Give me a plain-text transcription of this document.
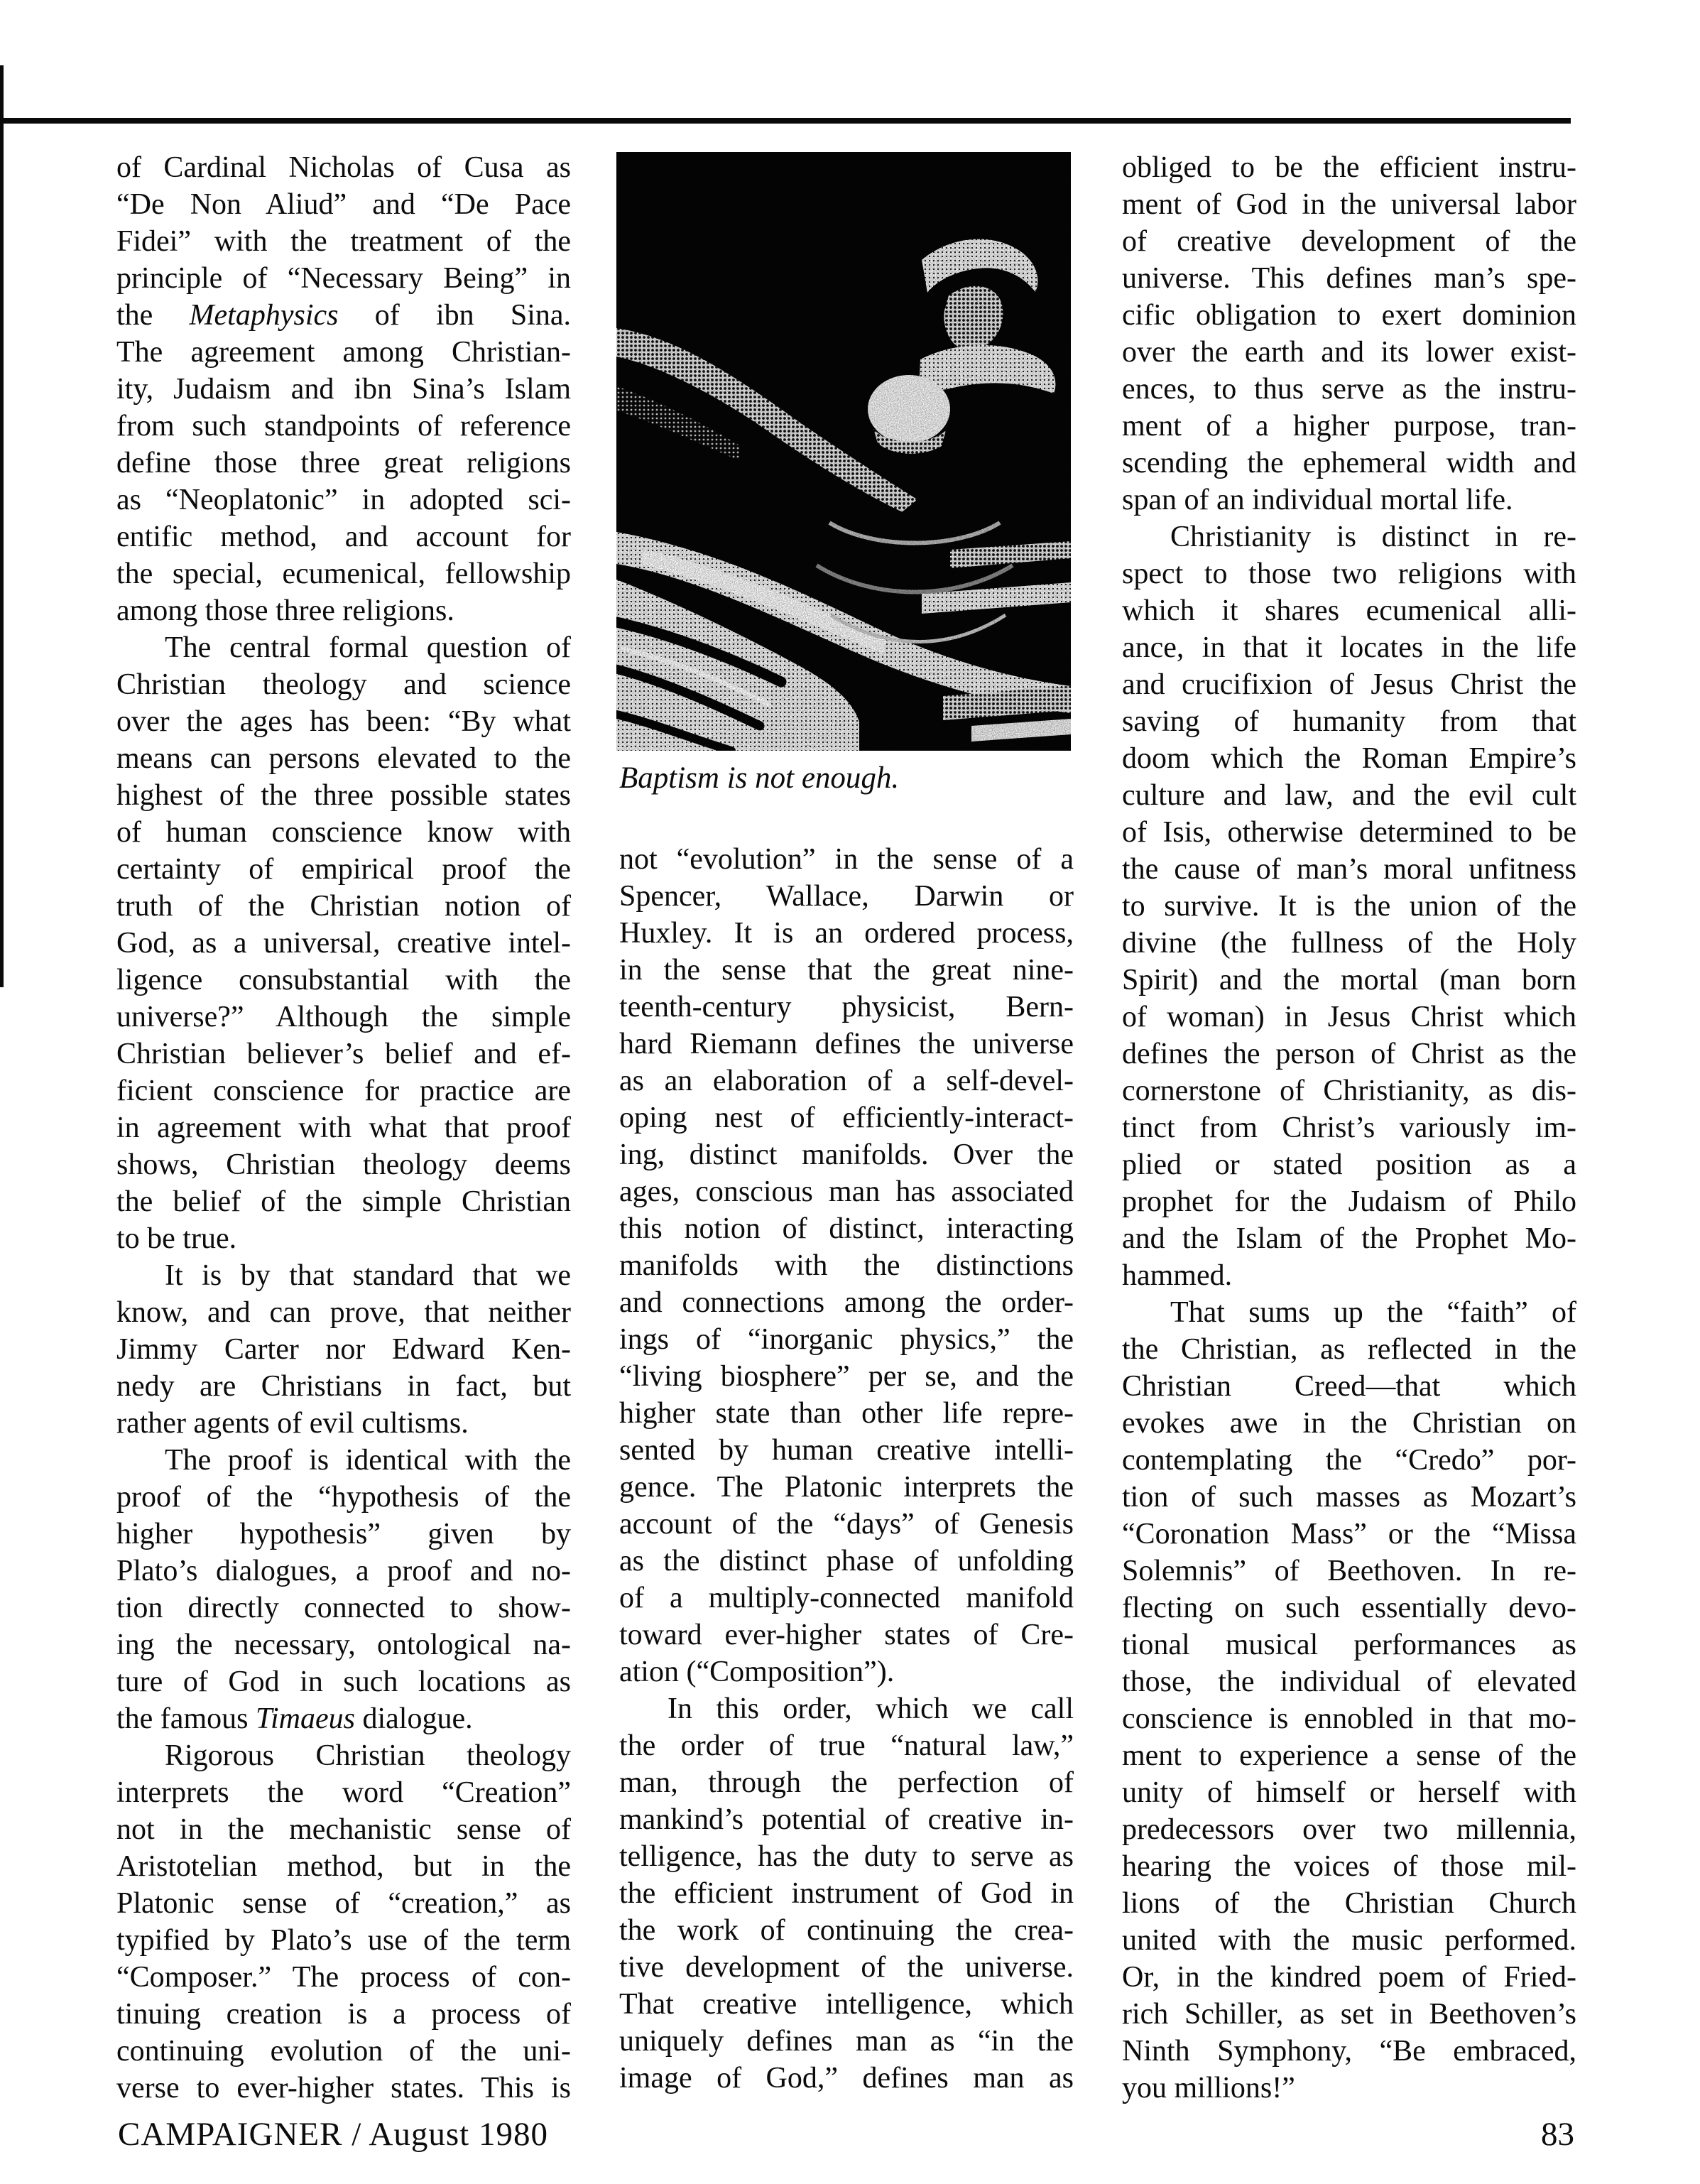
of Cardinal Nicholas of Cusa as
“De Non Aliud” and “De Pace
Fidei” with the treatment of the
principle of “Necessary Being” in
the Metaphysics of ibn Sina.
The agreement among Christian-
ity, Judaism and ibn Sina’s Islam
from such standpoints of reference
define those three great religions
as “Neoplatonic” in adopted sci-
entific method, and account for
the special, ecumenical, fellowship
among those three religions.
The central formal question of
Christian theology and science
over the ages has been: “By what
means can persons elevated to the
highest of the three possible states
of human conscience know with
certainty of empirical proof the
truth of the Christian notion of
God, as a universal, creative intel-
ligence consubstantial with the
universe?” Although the simple
Christian believer’s belief and ef-
ficient conscience for practice are
in agreement with what that proof
shows, Christian theology deems
the belief of the simple Christian
to be true.
It is by that standard that we
know, and can prove, that neither
Jimmy Carter nor Edward Ken-
nedy are Christians in fact, but
rather agents of evil cultisms.
The proof is identical with the
proof of the “hypothesis of the
higher hypothesis” given by
Plato’s dialogues, a proof and no-
tion directly connected to show-
ing the necessary, ontological na-
ture of God in such locations as
the famous Timaeus dialogue.
Rigorous Christian theology
interprets the word “Creation”
not in the mechanistic sense of
Aristotelian method, but in the
Platonic sense of “creation,” as
typified by Plato’s use of the term
“Composer.” The process of con-
tinuing creation is a process of
continuing evolution of the uni-
verse to ever-higher states. This is
Baptism is not enough.
not “evolution” in the sense of a
Spencer, Wallace, Darwin or
Huxley. It is an ordered process,
in the sense that the great nine-
teenth-century physicist, Bern-
hard Riemann defines the universe
as an elaboration of a self-devel-
oping nest of efficiently-interact-
ing, distinct manifolds. Over the
ages, conscious man has associated
this notion of distinct, interacting
manifolds with the distinctions
and connections among the order-
ings of “inorganic physics,” the
“living biosphere” per se, and the
higher state than other life repre-
sented by human creative intelli-
gence. The Platonic interprets the
account of the “days” of Genesis
as the distinct phase of unfolding
of a multiply-connected manifold
toward ever-higher states of Cre-
ation (“Composition”).
In this order, which we call
the order of true “natural law,”
man, through the perfection of
mankind’s potential of creative in-
telligence, has the duty to serve as
the efficient instrument of God in
the work of continuing the crea-
tive development of the universe.
That creative intelligence, which
uniquely defines man as “in the
image of God,” defines man as
obliged to be the efficient instru-
ment of God in the universal labor
of creative development of the
universe. This defines man’s spe-
cific obligation to exert dominion
over the earth and its lower exist-
ences, to thus serve as the instru-
ment of a higher purpose, tran-
scending the ephemeral width and
span of an individual mortal life.
Christianity is distinct in re-
spect to those two religions with
which it shares ecumenical alli-
ance, in that it locates in the life
and crucifixion of Jesus Christ the
saving of humanity from that
doom which the Roman Empire’s
culture and law, and the evil cult
of Isis, otherwise determined to be
the cause of man’s moral unfitness
to survive. It is the union of the
divine (the fullness of the Holy
Spirit) and the mortal (man born
of woman) in Jesus Christ which
defines the person of Christ as the
cornerstone of Christianity, as dis-
tinct from Christ’s variously im-
plied or stated position as a
prophet for the Judaism of Philo
and the Islam of the Prophet Mo-
hammed.
That sums up the “faith” of
the Christian, as reflected in the
Christian Creed—that which
evokes awe in the Christian on
contemplating the “Credo” por-
tion of such masses as Mozart’s
“Coronation Mass” or the “Missa
Solemnis” of Beethoven. In re-
flecting on such essentially devo-
tional musical performances as
those, the individual of elevated
conscience is ennobled in that mo-
ment to experience a sense of the
unity of himself or herself with
predecessors over two millennia,
hearing the voices of those mil-
lions of the Christian Church
united with the music performed.
Or, in the kindred poem of Fried-
rich Schiller, as set in Beethoven’s
Ninth Symphony, “Be embraced,
you millions!”
CAMPAIGNER / August 1980	83
